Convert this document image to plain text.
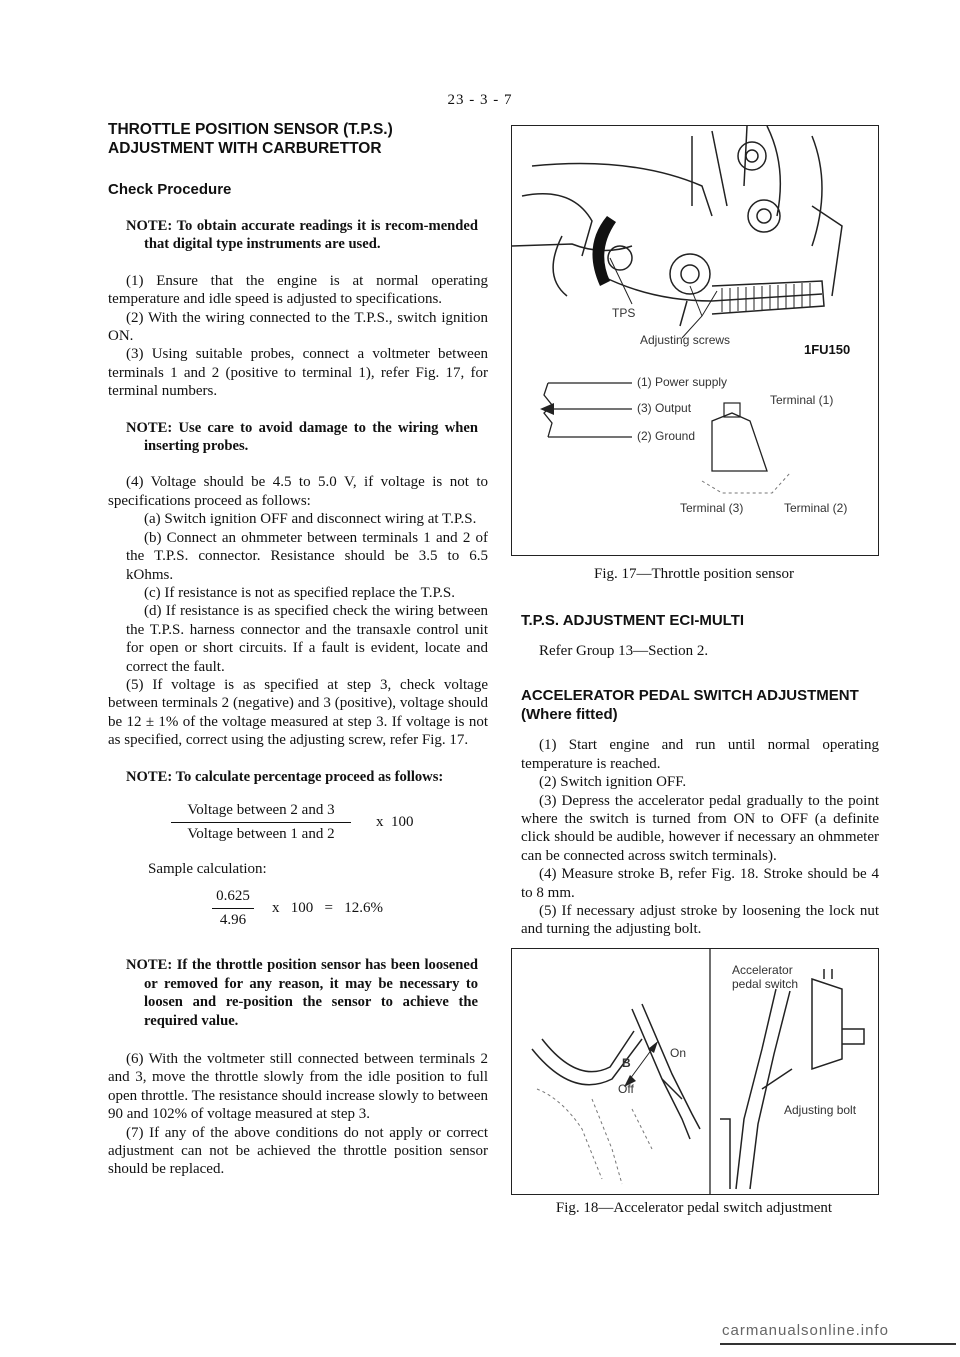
23 - 3 - 7
THROTTLE POSITION SENSOR (T.P.S.)
ADJUSTMENT WITH CARBURETTOR
Check Procedure
NOTE: To obtain accurate readings it is recom-mended that digital type instruments are used.
(1) Ensure that the engine is at normal operating temperature and idle speed is adjusted to specifications.
(2) With the wiring connected to the T.P.S., switch ignition ON.
(3) Using suitable probes, connect a voltmeter between terminals 1 and 2 (positive to terminal 1), refer Fig. 17, for terminal numbers.
NOTE: Use care to avoid damage to the wiring when inserting probes.
(4) Voltage should be 4.5 to 5.0 V, if voltage is not to specifications proceed as follows:
(a) Switch ignition OFF and disconnect wiring at T.P.S.
(b) Connect an ohmmeter between terminals 1 and 2 of the T.P.S. connector. Resistance should be 3.5 to 6.5 kOhms.
(c) If resistance is not as specified replace the T.P.S.
(d) If resistance is as specified check the wiring between the T.P.S. harness connector and the transaxle control unit for open or short circuits. If a fault is evident, locate and correct the fault.
(5) If voltage is as specified at step 3, check voltage between terminals 2 (negative) and 3 (positive), voltage should be 12 ± 1% of the voltage measured at step 3. If voltage is not as specified, correct using the adjusting screw, refer Fig. 17.
NOTE: To calculate percentage proceed as follows:
Voltage between 2 and 3
Voltage between 1 and 2
x  100
Sample calculation:
0.625
4.96
x   100   =   12.6%
NOTE: If the throttle position sensor has been loosened or removed for any reason, it may be necessary to loosen and re-position the sensor to achieve the required value.
(6) With the voltmeter still connected between terminals 2 and 3, move the throttle slowly from the idle position to full open throttle. The resistance should increase slowly to between 90 and 102% of voltage measured at step 3.
(7) If any of the above conditions do not apply or correct adjustment can not be achieved the throttle position sensor should be replaced.
TPS
Adjusting screws
1FU150
(1) Power supply
(3) Output
(2) Ground
Terminal (1)
Terminal (3)	Terminal (2)
Fig. 17—Throttle position sensor
T.P.S. ADJUSTMENT ECI-MULTI
Refer Group 13—Section 2.
ACCELERATOR PEDAL SWITCH ADJUSTMENT
(Where fitted)
(1) Start engine and run until normal operating temperature is reached.
(2) Switch ignition OFF.
(3) Depress the accelerator pedal gradually to the point where the switch is turned from ON to OFF (a definite click should be audible, however if necessary an ohmmeter can be connected across switch terminals).
(4) Measure stroke B, refer Fig. 18. Stroke should be 4 to 8 mm.
(5) If necessary adjust stroke by loosening the lock nut and turning the adjusting bolt.
On
Off
B
Accelerator
pedal switch
Adjusting bolt
Fig. 18—Accelerator pedal switch adjustment
carmanualsonline.info
